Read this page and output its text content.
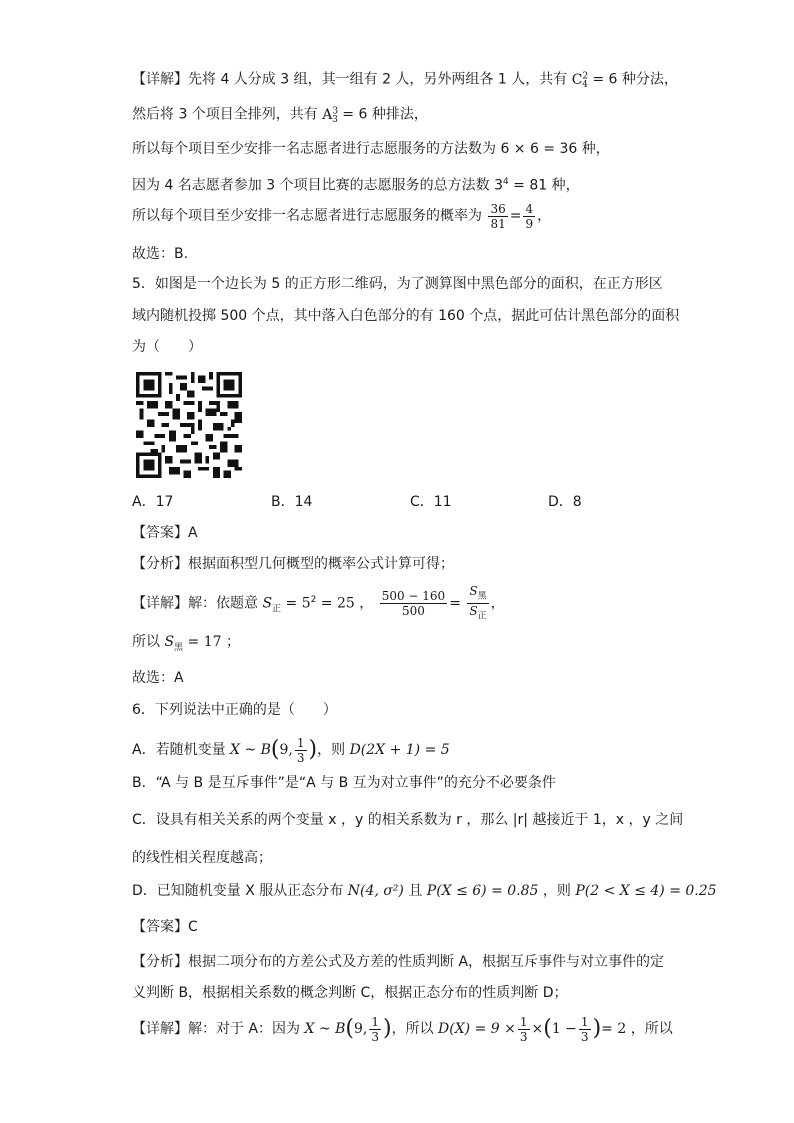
【详解】先将 4 人分成 3 组，其一组有 2 人，另外两组各 1 人，共有 $C^2_4 = 6$ 种分法，
然后将 3 个项目全排列，共有 $A^3_3 = 6$ 种排法，
所以每个项目至少安排一名志愿者进行志愿服务的方法数为 6 × 6 = 36 种，
因为 4 名志愿者参加 3 个项目比赛的志愿服务的总方法数 $3^4 = 81$ 种，
所以每个项目至少安排一名志愿者进行志愿服务的概率为 $\frac{36}{81} = \frac{4}{9}$ ，
故选：B.
5．如图是一个边长为 5 的正方形二维码，为了测算图中黑色部分的面积，在正方形区
域内随机投掷 500 个点，其中落入白色部分的有 160 个点，据此可估计黑色部分的面积
为（　　）
A．17	B．14	C．11	D．8
【答案】A
【分析】根据面积型几何概型的概率公式计算可得；
【详解】解：依题意 $S_正 = 5^2 = 25$ ， $\frac{500 - 160}{500} = \frac{S_黑}{S_正}$ ，
所以 $S_黑 = 17$ ；
故选：A
6．下列说法中正确的是（　　）
A．若随机变量 X ~ B(9, $\frac{1}{3}$ )，则 D(2X + 1) = 5
B．“A 与 B 是互斥事件”是“A 与 B 互为对立事件”的充分不必要条件
C．设具有相关关系的两个变量 x ，y 的相关系数为 r ，那么 |r| 越接近于 1，x ，y 之间
的线性相关程度越高；
D．已知随机变量 X 服从正态分布 N(4, σ²) 且 P(X ≤ 6) = 0.85 ，则 P(2 < X ≤ 4) = 0.25
【答案】C
【分析】根据二项分布的方差公式及方差的性质判断 A，根据互斥事件与对立事件的定
义判断 B，根据相关系数的概念判断 C，根据正态分布的性质判断 D；
【详解】解：对于 A：因为 X ~ B(9, $\frac{1}{3}$ )，所以 $D(X) = 9 \times \frac{1}{3} \times(1 - \frac{1}{3}$ )= 2 ，所以
